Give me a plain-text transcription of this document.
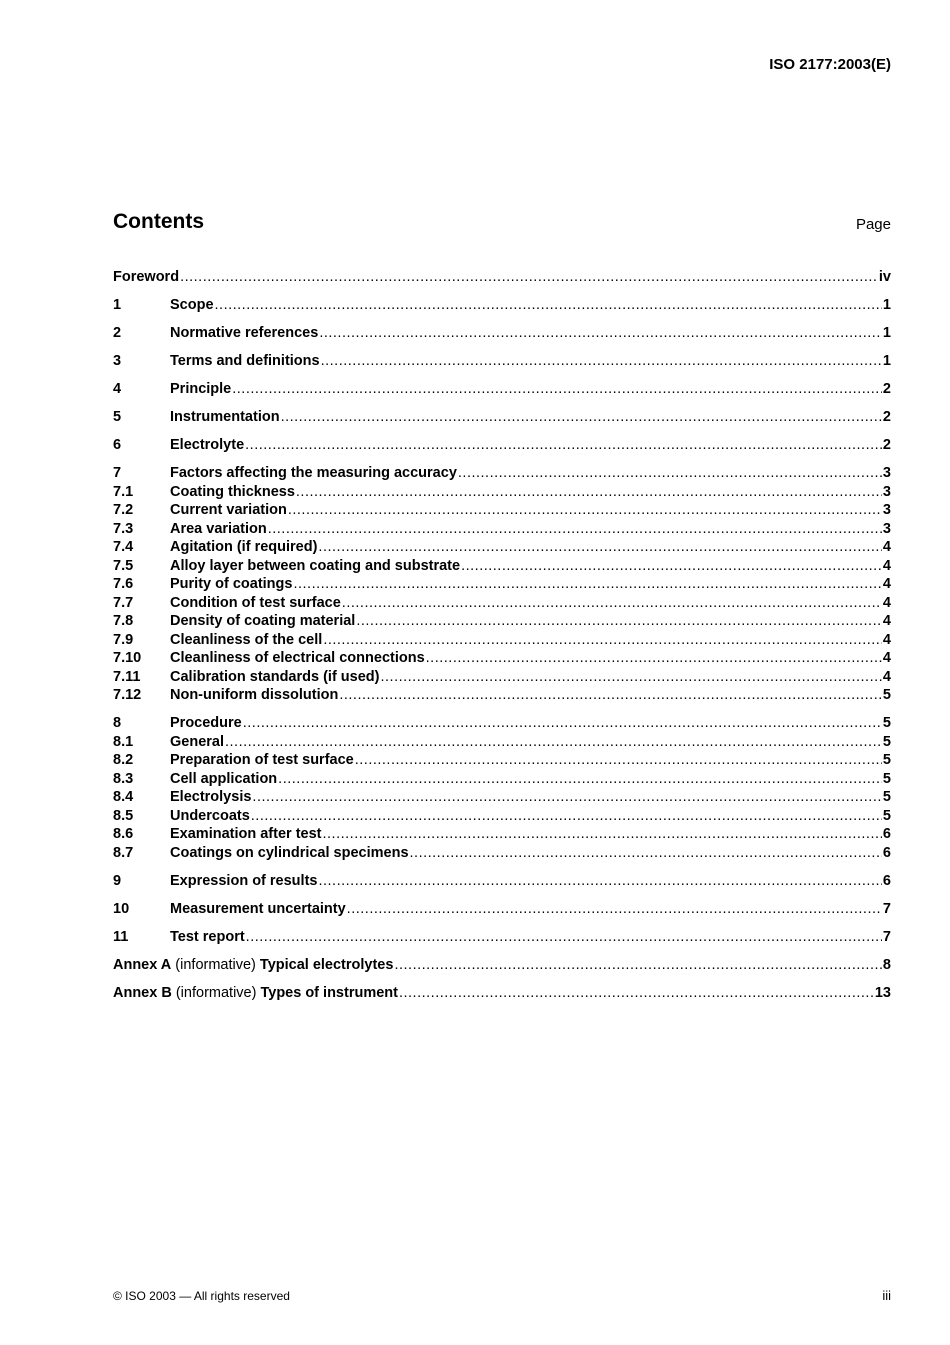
ISO 2177:2003(E)
Contents	Page
Foreword .....	iv
1	Scope .....	1
2	Normative references .....	1
3	Terms and definitions .....	1
4	Principle .....	2
5	Instrumentation .....	2
6	Electrolyte .....	2
7	Factors affecting the measuring accuracy .....	3
7.1	Coating thickness .....	3
7.2	Current variation .....	3
7.3	Area variation .....	3
7.4	Agitation (if required) .....	4
7.5	Alloy layer between coating and substrate .....	4
7.6	Purity of coatings .....	4
7.7	Condition of test surface .....	4
7.8	Density of coating material .....	4
7.9	Cleanliness of the cell .....	4
7.10	Cleanliness of electrical connections .....	4
7.11	Calibration standards (if used) .....	4
7.12	Non-uniform dissolution .....	5
8	Procedure .....	5
8.1	General .....	5
8.2	Preparation of test surface .....	5
8.3	Cell application .....	5
8.4	Electrolysis .....	5
8.5	Undercoats .....	5
8.6	Examination after test .....	6
8.7	Coatings on cylindrical specimens .....	6
9	Expression of results .....	6
10	Measurement uncertainty .....	7
11	Test report .....	7
Annex A (informative) Typical electrolytes .....	8
Annex B (informative) Types of instrument .....	13
© ISO 2003 — All rights reserved	iii
